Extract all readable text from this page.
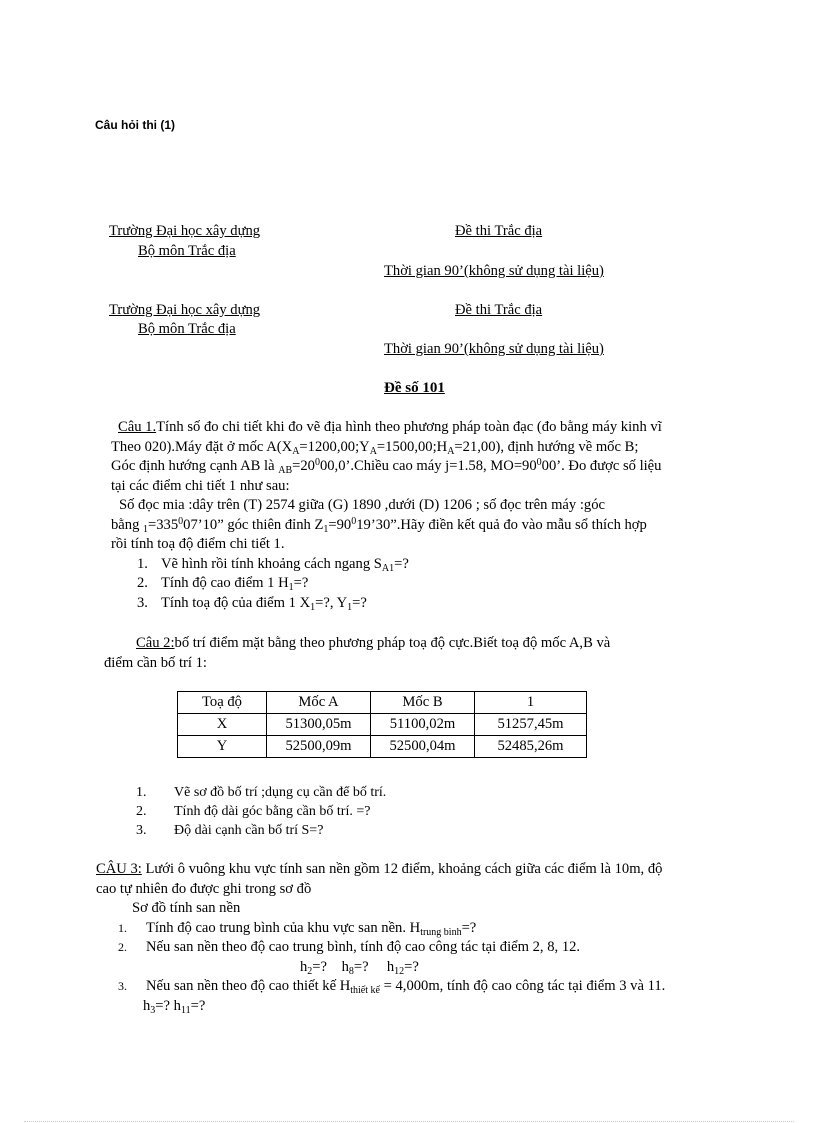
Câu hỏi thi (1)
Trường Đại học xây dựng
Bộ môn Trắc địa
Đề thi Trắc địa
Thời gian 90’(không sử dụng tài liệu)
Trường Đại học xây dựng
Bộ môn Trắc địa
Đề thi Trắc địa
Thời gian 90’(không sử dụng tài liệu)
Đề số 101
Câu 1.Tính số đo chi tiết khi đo vẽ địa hình theo phương pháp toàn đạc (đo bằng máy kinh vĩ
Theo 020).Máy đặt ở mốc $A(X_A=1200,00;Y_A=1500,00;H_A=21,00)$, định hướng về mốc B;
Góc định hướng cạnh AB là $_{AB}=20^000,0’.Chiều$ cao máy j=1.58, $MO=90^000$’. Đo được số liệu
tại các điểm chi tiết 1 như sau:
Số đọc mia :dây trên (T) 2574 giữa (G) 1890 ,dưới (D) 1206 ; số đọc trên máy :góc
bằng $_1=335^007’10$” góc thiên đỉnh $Z_1=90^019’30”.Hãy$ điền kết quả đo vào mẫu sổ thích hợp
rồi tính toạ độ điểm chi tiết 1.
1. Vẽ hình rồi tính khoảng cách ngang $S_{A1}=$?
2. Tính độ cao điểm 1 $H_1=$?
3. Tính toạ độ của điểm 1 $X_1=$?, $Y_1=$?
Câu 2:bố trí điểm mặt bằng theo phương pháp toạ độ cực.Biết toạ độ mốc A,B và
điểm cần bố trí 1:
Toạ độ	Mốc A	Mốc B	1
X	51300,05m	51100,02m	51257,45m
Y	52500,09m	52500,04m	52485,26m
1. Vẽ sơ đồ bố trí ;dụng cụ cần để bố trí.
2. Tính độ dài góc bằng cần bố trí. =?
3. Độ dài cạnh cần bố trí S=?
CÂU 3: Lưới ô vuông khu vực tính san nền gồm 12 điểm, khoảng cách giữa các điểm là 10m, độ
cao tự nhiên đo được ghi trong sơ đồ
Sơ đồ tính san nền
1. Tính độ cao trung bình của khu vực san nền. $H_{trung bình}=$?
2. Nếu san nền theo độ cao trung bình, tính độ cao công tác tại điểm 2, 8, 12.
$h_2=$? $h_8=$? $h_{12}=$?
3. Nếu san nền theo độ cao thiết kế $H_{thiết kế} = 4,000m$, tính độ cao công tác tại điểm 3 và 11.
$h_3=$? $h_{11}=$?
